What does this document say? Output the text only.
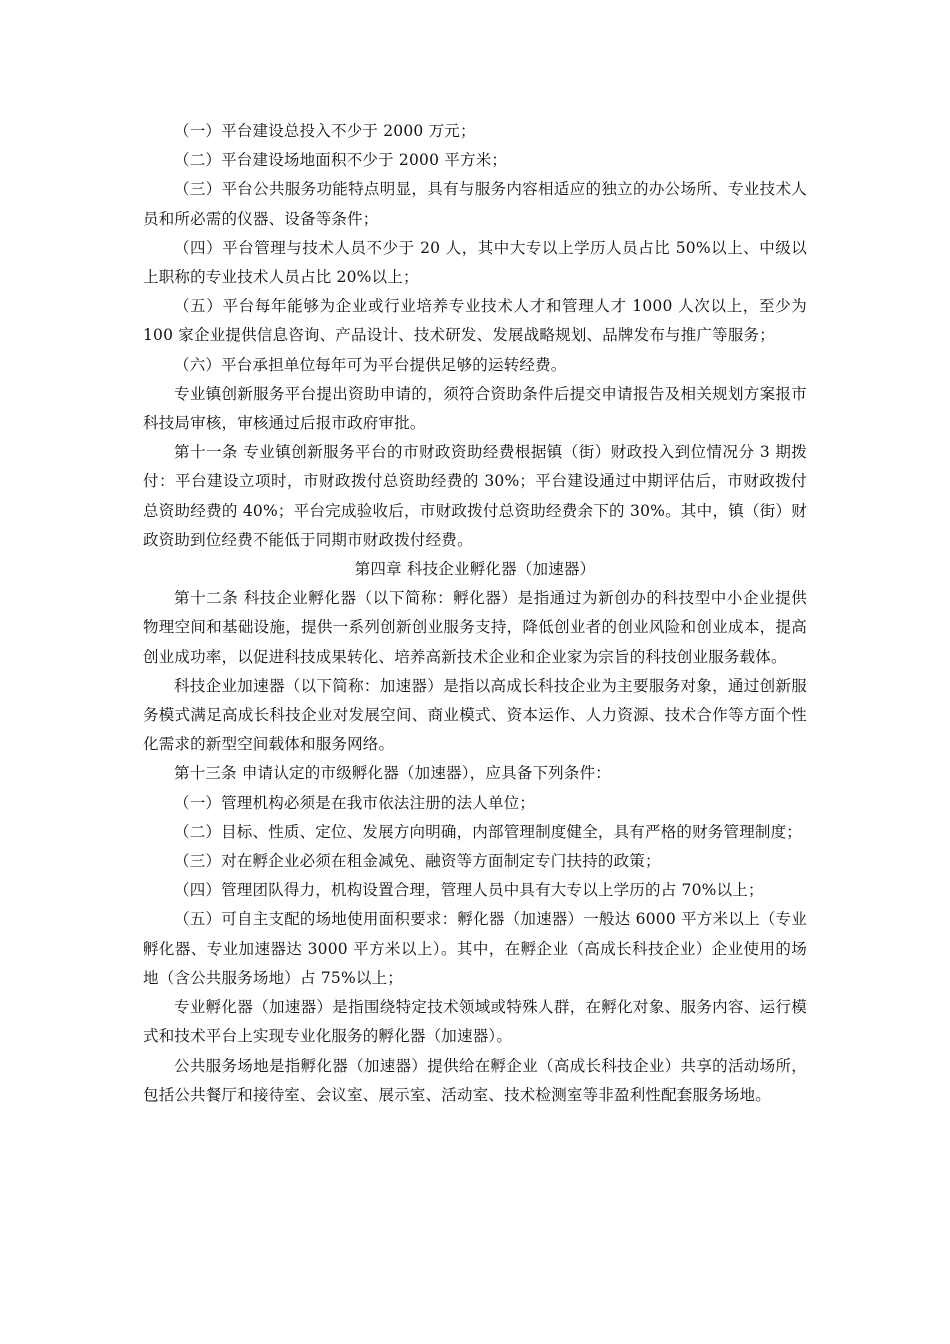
（一）平台建设总投入不少于 2000 万元；

（二）平台建设场地面积不少于 2000 平方米；

（三）平台公共服务功能特点明显，具有与服务内容相适应的独立的办公场所、专业技术人员和所必需的仪器、设备等条件；

（四）平台管理与技术人员不少于 20 人，其中大专以上学历人员占比 50%以上、中级以上职称的专业技术人员占比 20%以上；

（五）平台每年能够为企业或行业培养专业技术人才和管理人才 1000 人次以上，至少为 100 家企业提供信息咨询、产品设计、技术研发、发展战略规划、品牌发布与推广等服务；

（六）平台承担单位每年可为平台提供足够的运转经费。

专业镇创新服务平台提出资助申请的，须符合资助条件后提交申请报告及相关规划方案报市科技局审核，审核通过后报市政府审批。

第十一条 专业镇创新服务平台的市财政资助经费根据镇（街）财政投入到位情况分 3 期拨付：平台建设立项时，市财政拨付总资助经费的 30%；平台建设通过中期评估后，市财政拨付总资助经费的 40%；平台完成验收后，市财政拨付总资助经费余下的 30%。其中，镇（街）财政资助到位经费不能低于同期市财政拨付经费。

第四章 科技企业孵化器（加速器）

第十二条 科技企业孵化器（以下简称：孵化器）是指通过为新创办的科技型中小企业提供物理空间和基础设施，提供一系列创新创业服务支持，降低创业者的创业风险和创业成本，提高创业成功率，以促进科技成果转化、培养高新技术企业和企业家为宗旨的科技创业服务载体。

科技企业加速器（以下简称：加速器）是指以高成长科技企业为主要服务对象，通过创新服务模式满足高成长科技企业对发展空间、商业模式、资本运作、人力资源、技术合作等方面个性化需求的新型空间载体和服务网络。

第十三条 申请认定的市级孵化器（加速器），应具备下列条件：

（一）管理机构必须是在我市依法注册的法人单位；

（二）目标、性质、定位、发展方向明确，内部管理制度健全，具有严格的财务管理制度；

（三）对在孵企业必须在租金减免、融资等方面制定专门扶持的政策；

（四）管理团队得力，机构设置合理，管理人员中具有大专以上学历的占 70%以上；

（五）可自主支配的场地使用面积要求：孵化器（加速器）一般达 6000 平方米以上（专业孵化器、专业加速器达 3000 平方米以上）。其中，在孵企业（高成长科技企业）企业使用的场地（含公共服务场地）占 75%以上；

专业孵化器（加速器）是指围绕特定技术领域或特殊人群，在孵化对象、服务内容、运行模式和技术平台上实现专业化服务的孵化器（加速器）。

公共服务场地是指孵化器（加速器）提供给在孵企业（高成长科技企业）共享的活动场所，包括公共餐厅和接待室、会议室、展示室、活动室、技术检测室等非盈利性配套服务场地。
